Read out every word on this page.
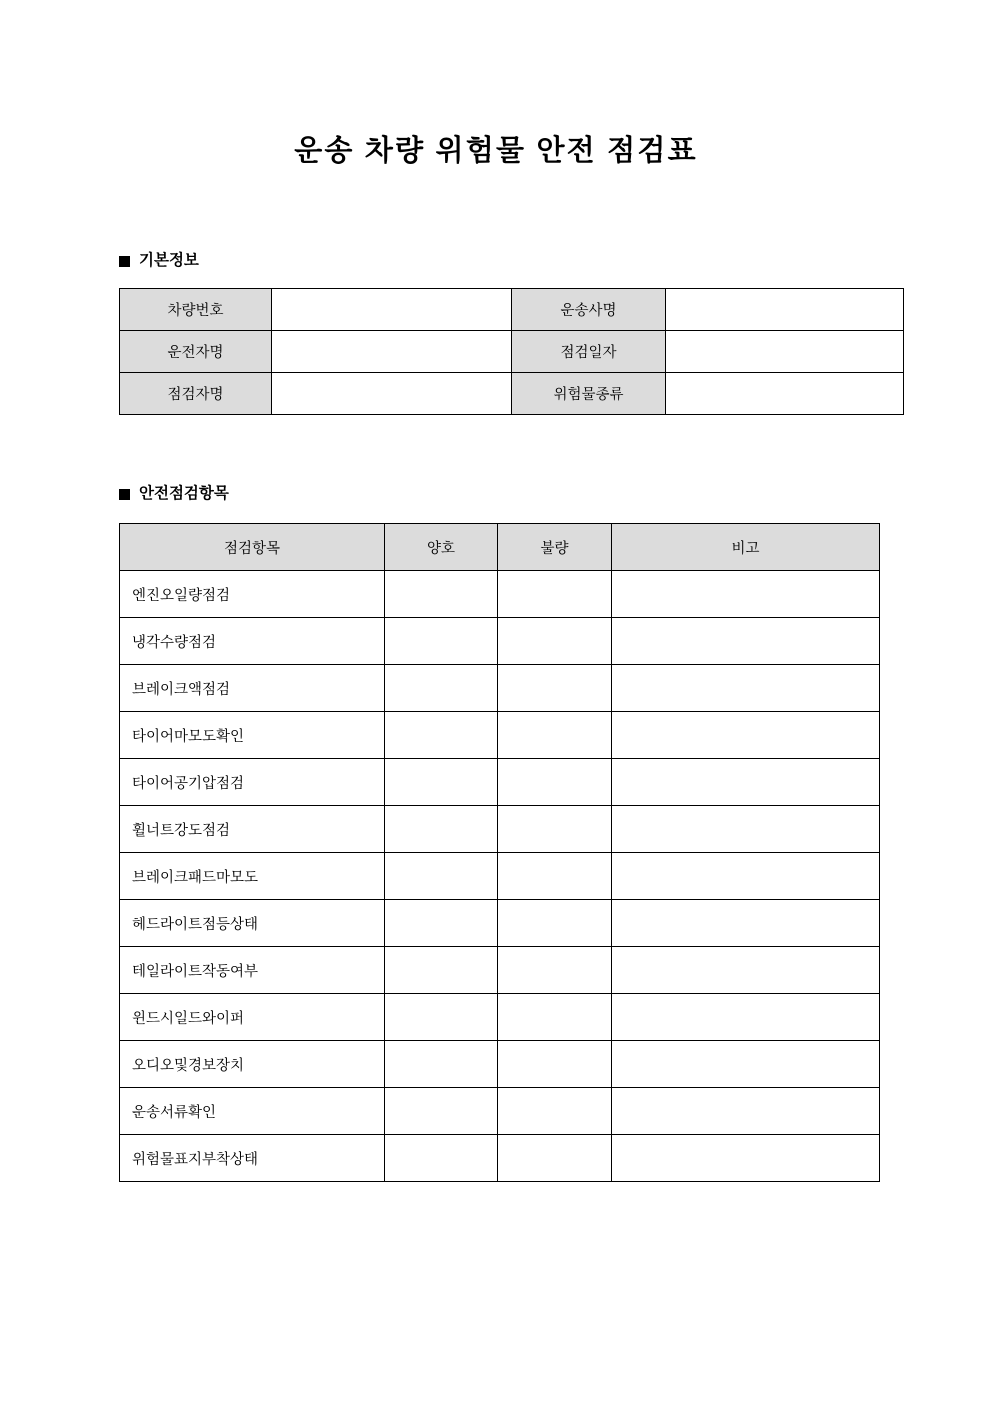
운송 차량 위험물 안전 점검표
기본정보
차량번호		운송사명	
운전자명		점검일자	
점검자명		위험물종류	
안전점검항목
점검항목	양호	불량	비고
엔진오일량점검			
냉각수량점검			
브레이크액점검			
타이어마모도확인			
타이어공기압점검			
휠너트강도점검			
브레이크패드마모도			
헤드라이트점등상태			
테일라이트작동여부			
윈드시일드와이퍼			
오디오및경보장치			
운송서류확인			
위험물표지부착상태			
